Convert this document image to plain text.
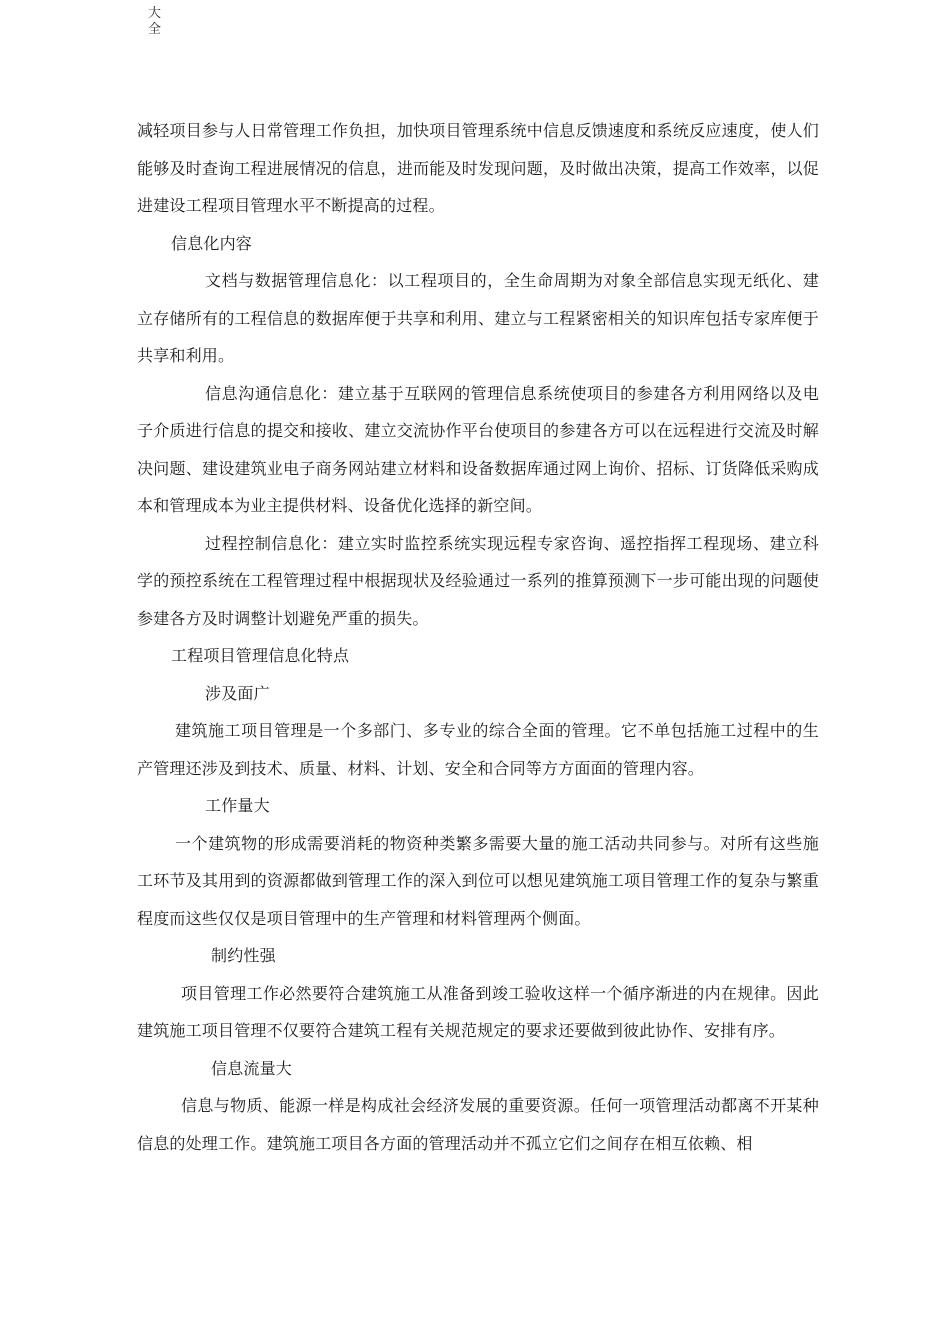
大
全

减轻项目参与人日常管理工作负担，加快项目管理系统中信息反馈速度和系统反应速度，使人们能够及时查询工程进展情况的信息，进而能及时发现问题，及时做出决策，提高工作效率，以促进建设工程项目管理水平不断提高的过程。

信息化内容

文档与数据管理信息化：以工程项目的，全生命周期为对象全部信息实现无纸化、建立存储所有的工程信息的数据库便于共享和利用、建立与工程紧密相关的知识库包括专家库便于共享和利用。

信息沟通信息化：建立基于互联网的管理信息系统使项目的参建各方利用网络以及电子介质进行信息的提交和接收、建立交流协作平台使项目的参建各方可以在远程进行交流及时解决问题、建设建筑业电子商务网站建立材料和设备数据库通过网上询价、招标、订货降低采购成本和管理成本为业主提供材料、设备优化选择的新空间。

过程控制信息化：建立实时监控系统实现远程专家咨询、遥控指挥工程现场、建立科学的预控系统在工程管理过程中根据现状及经验通过一系列的推算预测下一步可能出现的问题使参建各方及时调整计划避免严重的损失。

工程项目管理信息化特点

涉及面广

建筑施工项目管理是一个多部门、多专业的综合全面的管理。它不单包括施工过程中的生产管理还涉及到技术、质量、材料、计划、安全和合同等方方面面的管理内容。

工作量大

一个建筑物的形成需要消耗的物资种类繁多需要大量的施工活动共同参与。对所有这些施工环节及其用到的资源都做到管理工作的深入到位可以想见建筑施工项目管理工作的复杂与繁重程度而这些仅仅是项目管理中的生产管理和材料管理两个侧面。

制约性强

项目管理工作必然要符合建筑施工从准备到竣工验收这样一个循序渐进的内在规律。因此建筑施工项目管理不仅要符合建筑工程有关规范规定的要求还要做到彼此协作、安排有序。

信息流量大

信息与物质、能源一样是构成社会经济发展的重要资源。任何一项管理活动都离不开某种信息的处理工作。建筑施工项目各方面的管理活动并不孤立它们之间存在相互依赖、相
